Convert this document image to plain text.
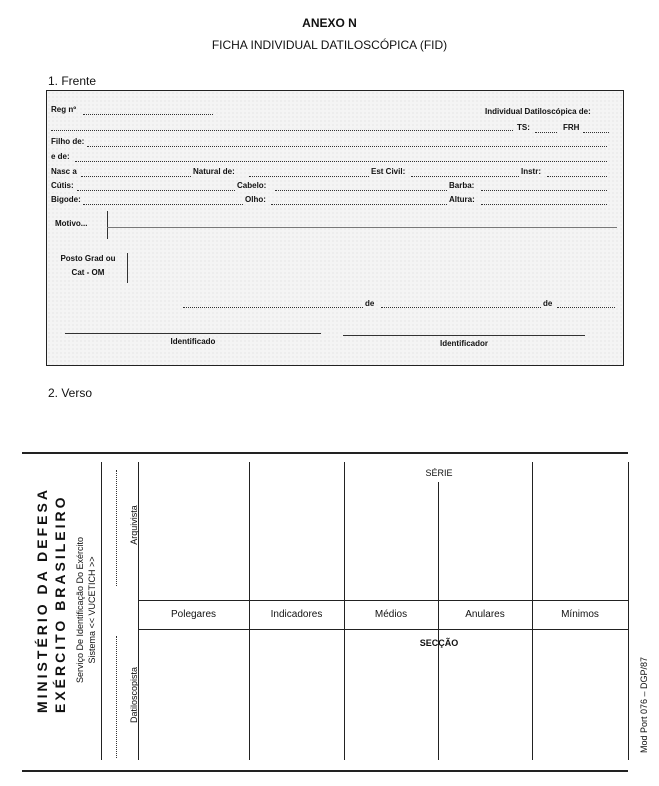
ANEXO N
FICHA INDIVIDUAL DATILOSCÓPICA (FID)
1. Frente
Reg nº	Individual Datiloscópica de:
TS:	FRH
Filho de:
e de:
Nasc a	Natural de:	Est Civil:	Instr:
Cútis:	Cabelo:	Barba:
Bigode:	Olho:	Altura:
Motivo...
Posto Grad ou
Cat - OM
de	de
Identificado	Identificador
2. Verso
MINISTÉRIO DA DEFESA EXÉRCITO BRASILEIRO Serviço De Identificação Do Exército Sistema << VUCETICH >>
Arquivista
Datiloscopista
SÉRIE
SECÇÃO
Polegares	Indicadores	Médios	Anulares	Mínimos
Mod Port 076 – DGP/87
